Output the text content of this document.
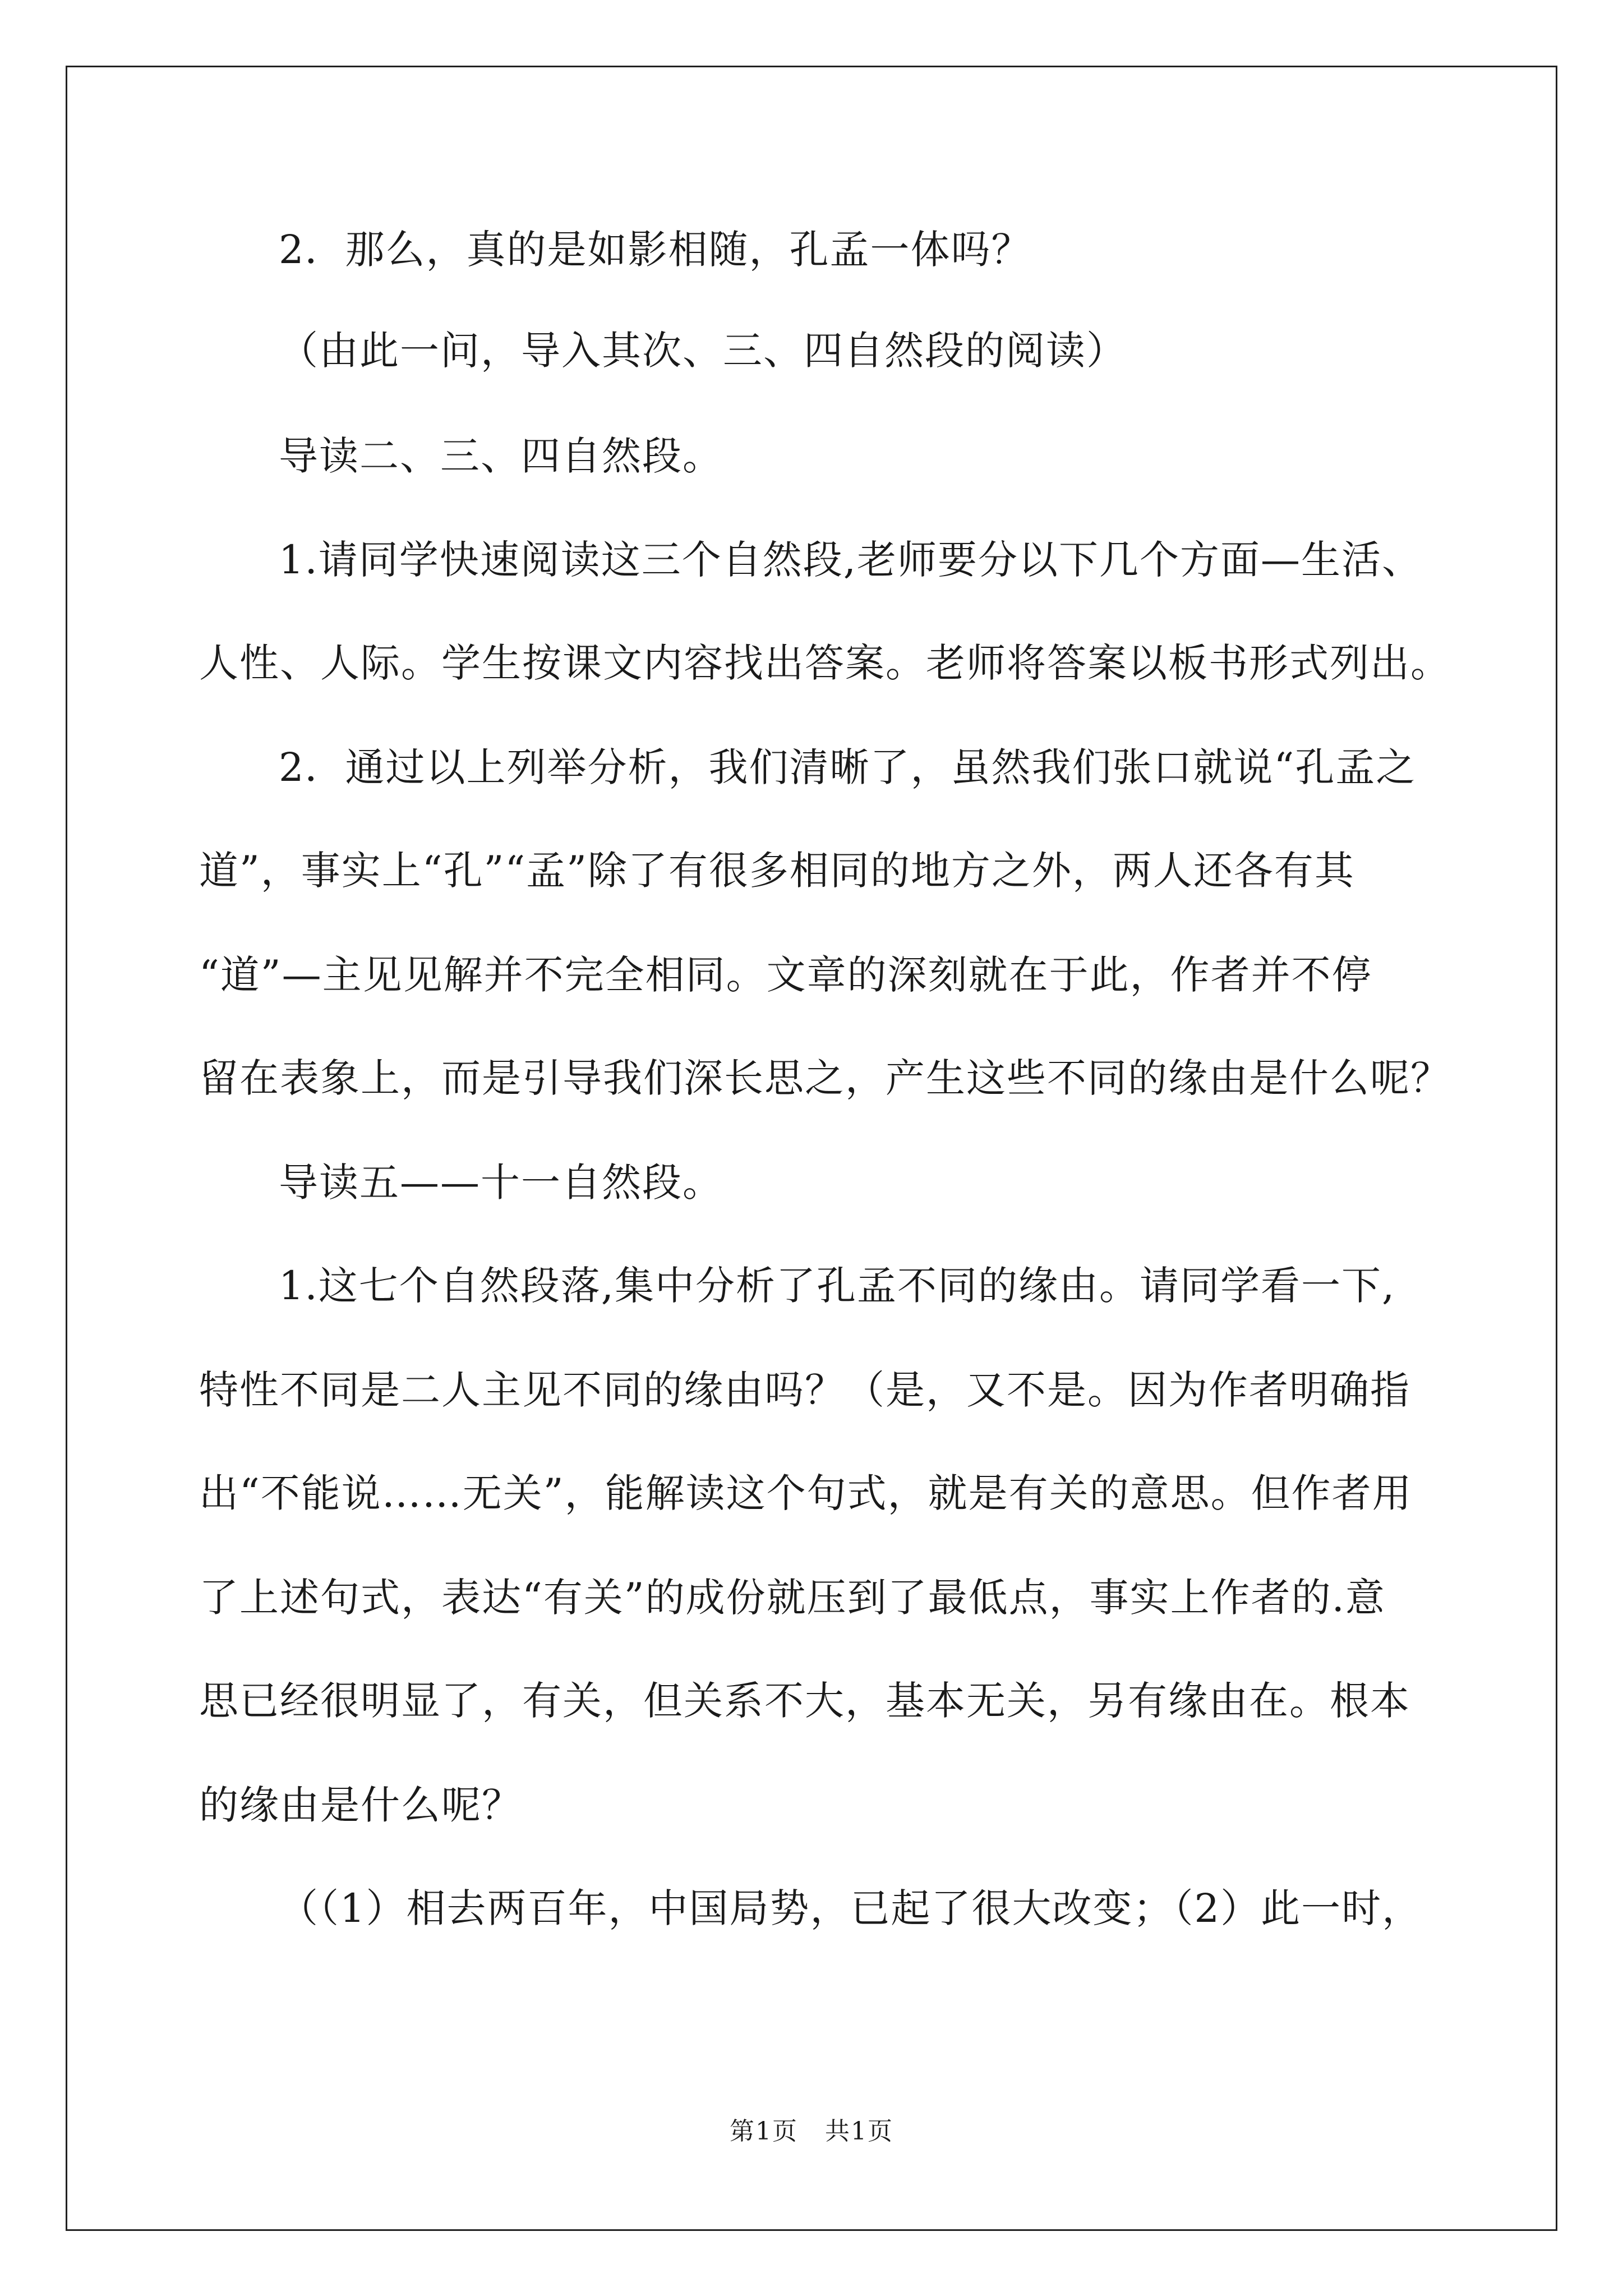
2．那么，真的是如影相随，孔孟一体吗？
（由此一问，导入其次、三、四自然段的阅读）
导读二、三、四自然段。
1.请同学快速阅读这三个自然段,老师要分以下几个方面—生活、
人性、人际。学生按课文内容找出答案。老师将答案以板书形式列出。
2．通过以上列举分析，我们清晰了，虽然我们张口就说“孔孟之
道”，事实上“孔”“孟”除了有很多相同的地方之外，两人还各有其
“道”—主见见解并不完全相同。文章的深刻就在于此，作者并不停
留在表象上，而是引导我们深长思之，产生这些不同的缘由是什么呢？
导读五——十一自然段。
1.这七个自然段落,集中分析了孔孟不同的缘由。请同学看一下,
特性不同是二人主见不同的缘由吗？（是，又不是。因为作者明确指
出“不能说……无关”，能解读这个句式，就是有关的意思。但作者用
了上述句式，表达“有关”的成份就压到了最低点，事实上作者的.意
思已经很明显了，有关，但关系不大，基本无关，另有缘由在。根本
的缘由是什么呢？
（（1）相去两百年，中国局势，已起了很大改变；（2）此一时，
第1页   共1页
